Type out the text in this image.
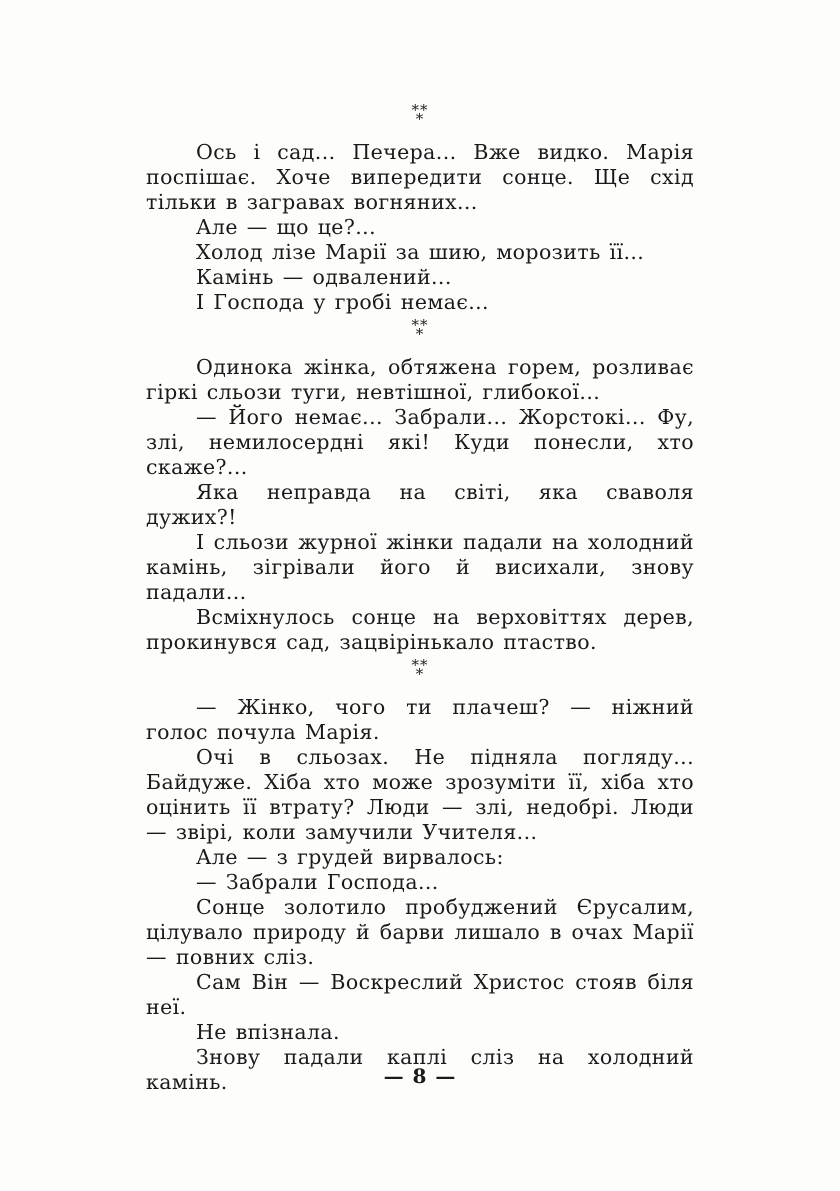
**
*

Ось і сад... Печера... Вже видко. Марія поспішає. Хоче випередити сонце. Ще схід тільки в загравах вогняних...

Але — що це?...

Холод лізе Марії за шию, морозить її...

Камінь — одвалений...

І Господа у гробі немає...

**
*

Одинока жінка, обтяжена горем, розливає гіркі сльози туги, невтішної, глибокої...

— Його немає... Забрали... Жорстокі... Фу, злі, немилосердні які! Куди понесли, хто скаже?...

Яка неправда на світі, яка сваволя дужих?!

І сльози журної жінки падали на холодний камінь, зігрівали його й висихали, знову падали...

Всміхнулось сонце на верховіттях дерев, прокинувся сад, зацвірінькало птаство.

**
*

— Жінко, чого ти плачеш? — ніжний голос почула Марія.

Очі в сльозах. Не підняла погляду... Байдуже. Хіба хто може зрозуміти її, хіба хто оцінить її втрату? Люди — злі, недобрі. Люди — звірі, коли замучили Учителя...

Але — з грудей вирвалось:

— Забрали Господа...

Сонце золотило пробуджений Єрусалим, цілувало природу й барви лишало в очах Марії — повних сліз.

Сам Він — Воскреслий Христос стояв біля неї.

Не впізнала.

Знову падали каплі сліз на холодний камінь.	— 8 —
